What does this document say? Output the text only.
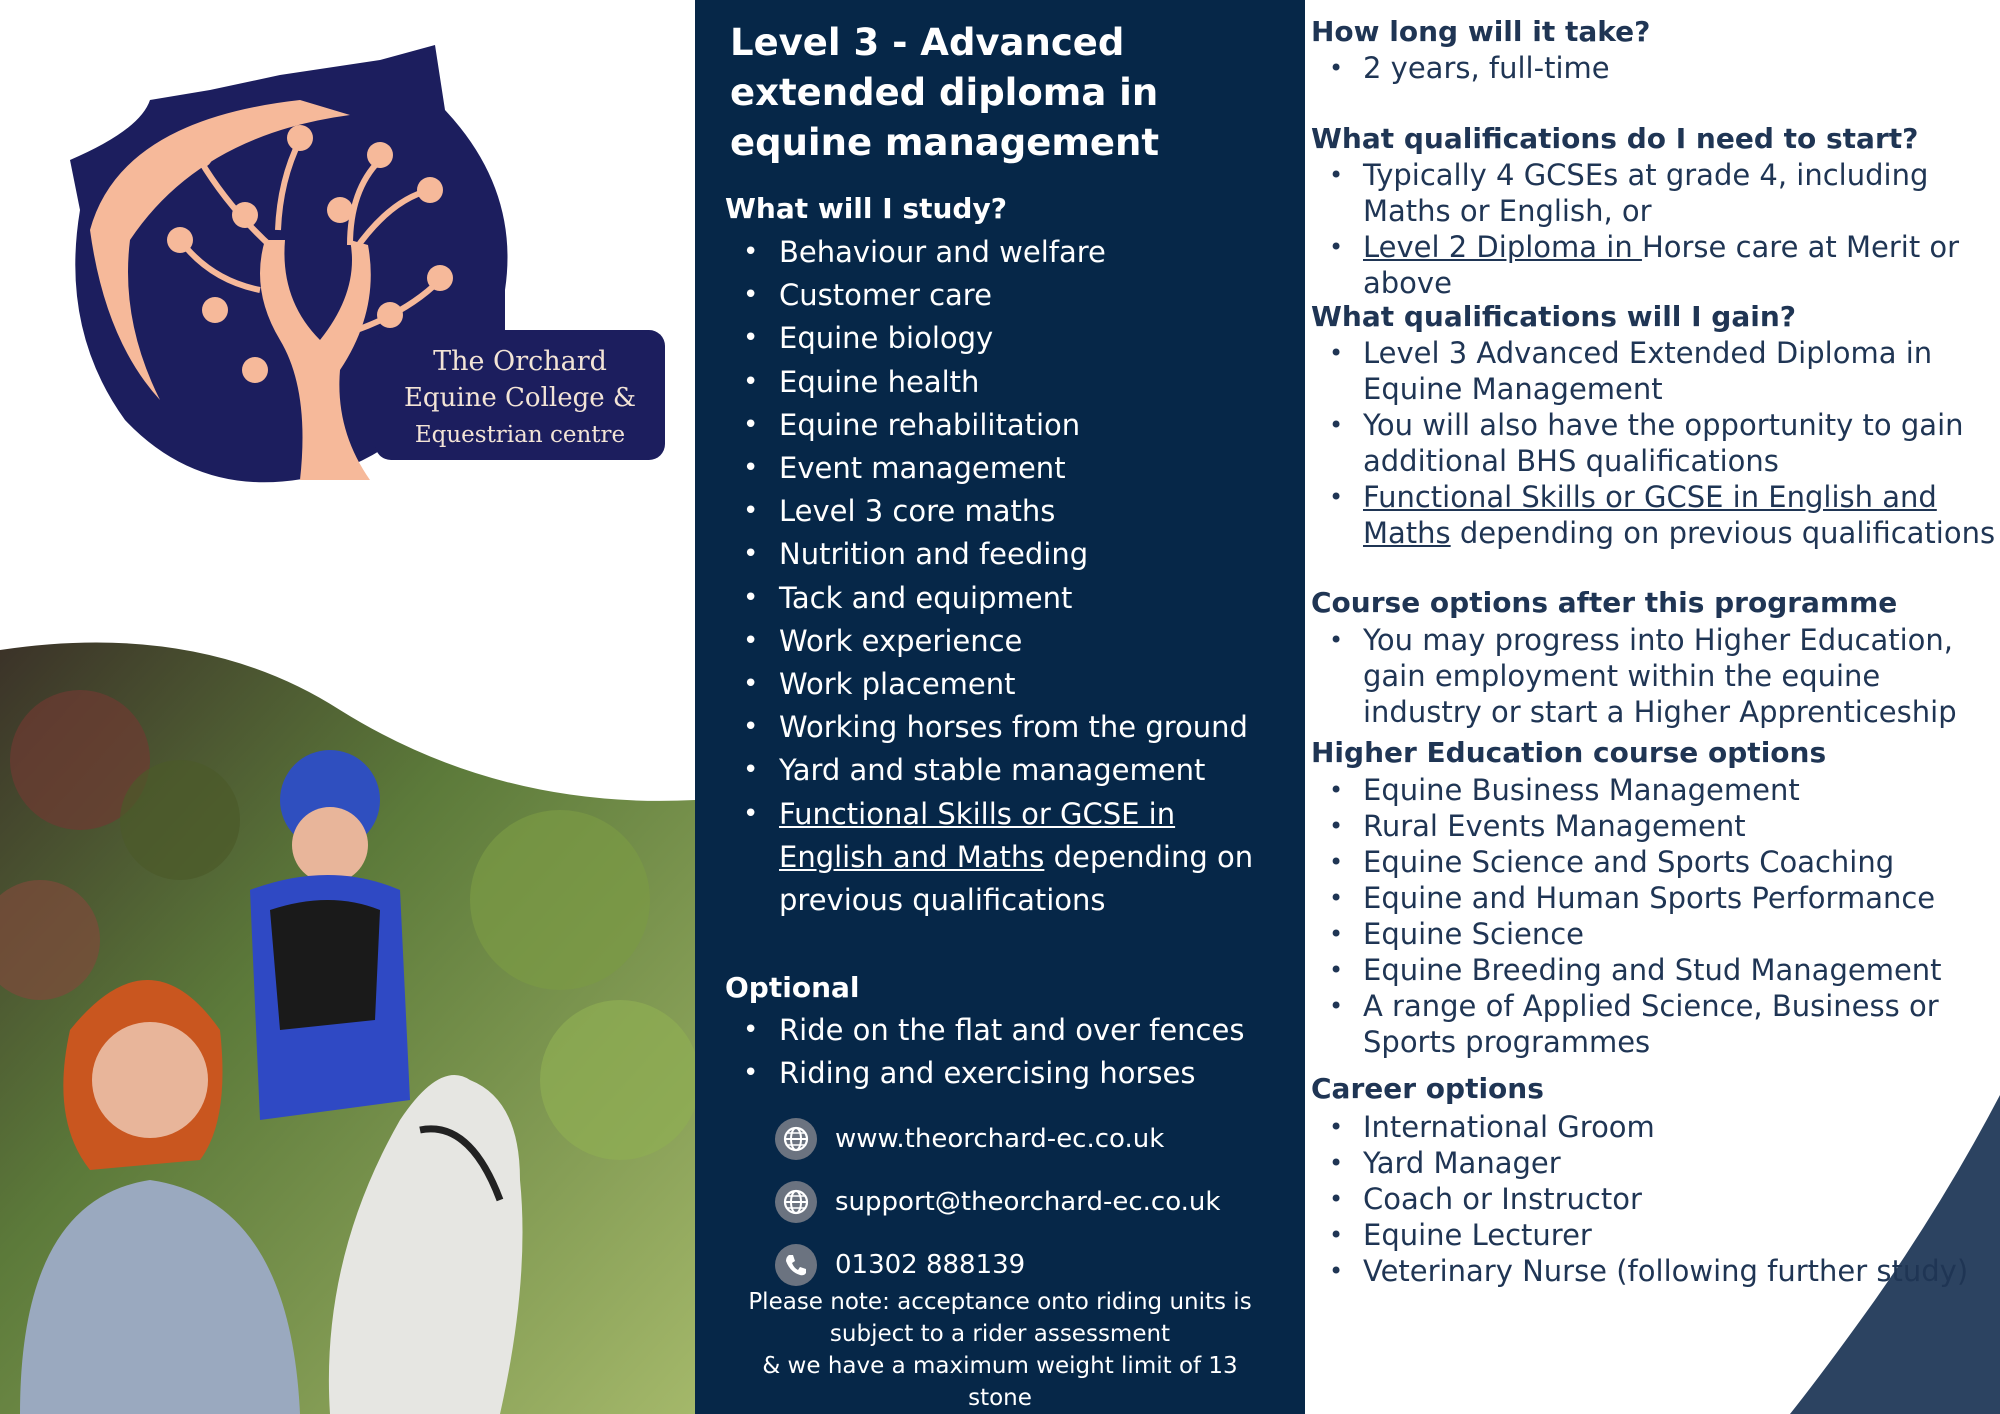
The Orchard
Equine College &
Equestrian centre
Level 3 - Advanced extended diploma in equine management
What will I study?
• Behaviour and welfare
• Customer care
• Equine biology
• Equine health
• Equine rehabilitation
• Event management
• Level 3 core maths
• Nutrition and feeding
• Tack and equipment
• Work experience
• Work placement
• Working horses from the ground
• Yard and stable management
• Functional Skills or GCSE in English and Maths depending on previous qualifications
Optional
• Ride on the flat and over fences
• Riding and exercising horses
www.theorchard-ec.co.uk
support@theorchard-ec.co.uk
01302 888139
Please note: acceptance onto riding units is
subject to a rider assessment
& we have a maximum weight limit of 13
stone
How long will it take?
• 2 years, full-time
What qualifications do I need to start?
• Typically 4 GCSEs at grade 4, including Maths or English, or
• Level 2 Diploma in Horse care at Merit or above
What qualifications will I gain?
• Level 3 Advanced Extended Diploma in Equine Management
• You will also have the opportunity to gain additional BHS qualifications
• Functional Skills or GCSE in English and Maths depending on previous qualifications
Course options after this programme
• You may progress into Higher Education, gain employment within the equine industry or start a Higher Apprenticeship
Higher Education course options
• Equine Business Management
• Rural Events Management
• Equine Science and Sports Coaching
• Equine and Human Sports Performance
• Equine Science
• Equine Breeding and Stud Management
• A range of Applied Science, Business or Sports programmes
Career options
• International Groom
• Yard Manager
• Coach or Instructor
• Equine Lecturer
• Veterinary Nurse (following further study)
